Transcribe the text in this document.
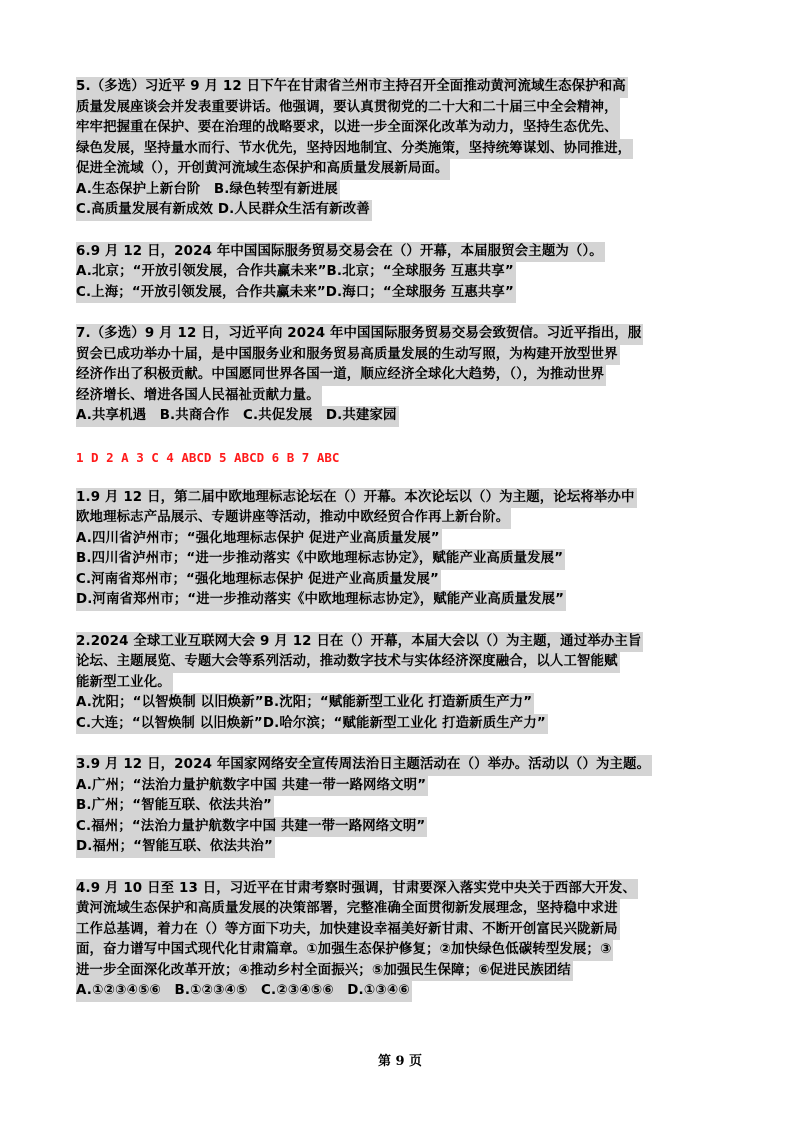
5.（多选）习近平 9 月 12 日下午在甘肃省兰州市主持召开全面推动黄河流域生态保护和高
质量发展座谈会并发表重要讲话。他强调，要认真贯彻党的二十大和二十届三中全会精神，
牢牢把握重在保护、要在治理的战略要求，以进一步全面深化改革为动力，坚持生态优先、
绿色发展，坚持量水而行、节水优先，坚持因地制宜、分类施策，坚持统筹谋划、协同推进，
促进全流域（），开创黄河流域生态保护和高质量发展新局面。
A.生态保护上新台阶　B.绿色转型有新进展
C.高质量发展有新成效 D.人民群众生活有新改善
6.9 月 12 日，2024 年中国国际服务贸易交易会在（）开幕，本届服贸会主题为（）。
A.北京；“开放引领发展，合作共赢未来”B.北京；“全球服务 互惠共享”
C.上海；“开放引领发展，合作共赢未来”D.海口；“全球服务 互惠共享”
7.（多选）9 月 12 日，习近平向 2024 年中国国际服务贸易交易会致贺信。习近平指出，服
贸会已成功举办十届，是中国服务业和服务贸易高质量发展的生动写照，为构建开放型世界
经济作出了积极贡献。中国愿同世界各国一道，顺应经济全球化大趋势，（），为推动世界
经济增长、增进各国人民福祉贡献力量。
A.共享机遇　B.共商合作　C.共促发展　D.共建家园
1 D 2 A 3 C 4 ABCD 5 ABCD 6 B 7 ABC
1.9 月 12 日，第二届中欧地理标志论坛在（）开幕。本次论坛以（）为主题，论坛将举办中
欧地理标志产品展示、专题讲座等活动，推动中欧经贸合作再上新台阶。
A.四川省泸州市；“强化地理标志保护 促进产业高质量发展”
B.四川省泸州市；“进一步推动落实《中欧地理标志协定》，赋能产业高质量发展”
C.河南省郑州市；“强化地理标志保护 促进产业高质量发展”
D.河南省郑州市；“进一步推动落实《中欧地理标志协定》，赋能产业高质量发展”
2.2024 全球工业互联网大会 9 月 12 日在（）开幕，本届大会以（）为主题，通过举办主旨
论坛、主题展览、专题大会等系列活动，推动数字技术与实体经济深度融合，以人工智能赋
能新型工业化。
A.沈阳；“以智焕制 以旧焕新”B.沈阳；“赋能新型工业化 打造新质生产力”
C.大连；“以智焕制 以旧焕新”D.哈尔滨；“赋能新型工业化 打造新质生产力”
3.9 月 12 日，2024 年国家网络安全宣传周法治日主题活动在（）举办。活动以（）为主题。
A.广州；“法治力量护航数字中国 共建一带一路网络文明”
B.广州；“智能互联、依法共治”
C.福州；“法治力量护航数字中国 共建一带一路网络文明”
D.福州；“智能互联、依法共治”
4.9 月 10 日至 13 日，习近平在甘肃考察时强调，甘肃要深入落实党中央关于西部大开发、
黄河流域生态保护和高质量发展的决策部署，完整准确全面贯彻新发展理念，坚持稳中求进
工作总基调，着力在（）等方面下功夫，加快建设幸福美好新甘肃、不断开创富民兴陇新局
面，奋力谱写中国式现代化甘肃篇章。①加强生态保护修复；②加快绿色低碳转型发展；③
进一步全面深化改革开放；④推动乡村全面振兴；⑤加强民生保障；⑥促进民族团结
A.①②③④⑤⑥　B.①②③④⑤　C.②③④⑤⑥　D.①③④⑥
第 9 页
